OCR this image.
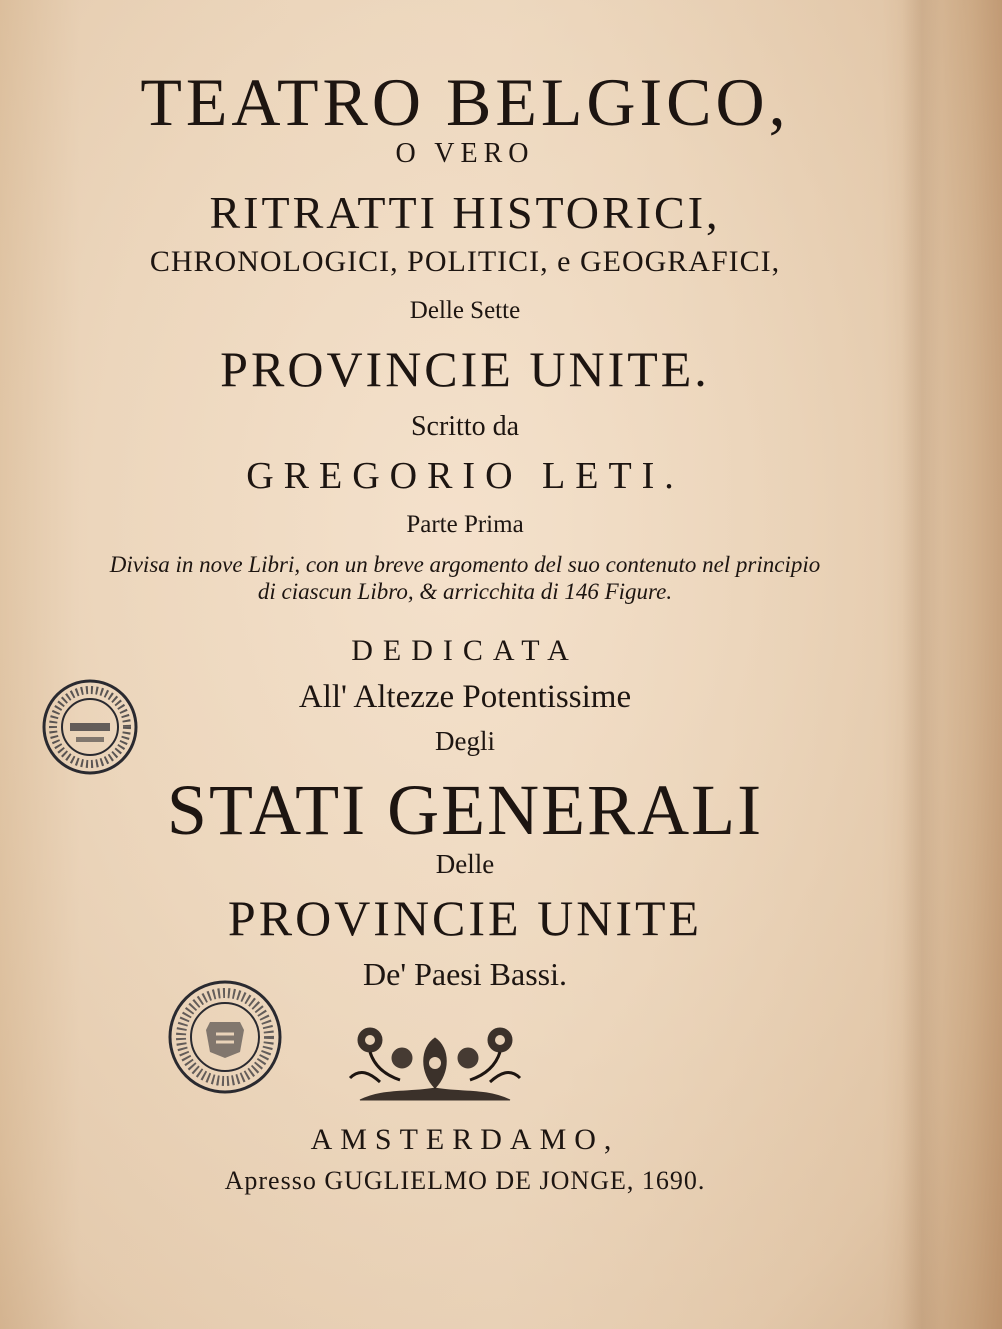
TEATRO BELGICO,
O VERO
RITRATTI HISTORICI,
CHRONOLOGICI, POLITICI, e GEOGRAFICI,
Delle Sette
PROVINCIE UNITE.
Scritto da
GREGORIO LETI.
Parte Prima
Divisa in nove Libri, con un breve argomento del suo contenuto nel principio
di ciascun Libro, & arricchita di 146 Figure.
DEDICATA
All' Altezze Potentissime
Degli
STATI GENERALI
Delle
PROVINCIE UNITE
De' Paesi Bassi.
AMSTERDAMO,
Apresso GUGLIELMO DE JONGE, 1690.
